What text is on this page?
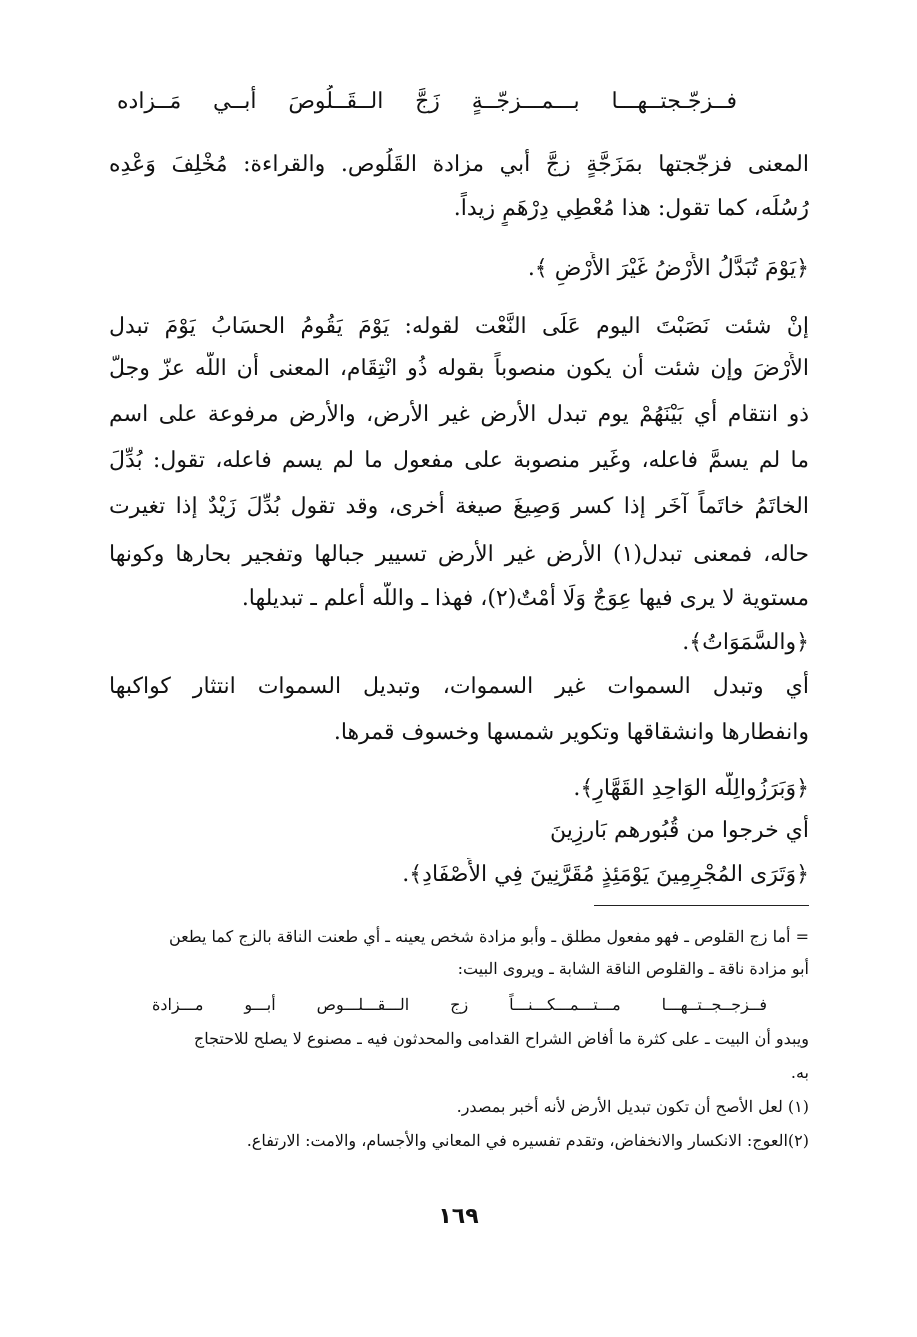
فــزجّـجتــهـــا بـــمـــزجّــةٍ زَجَّ الــقَــلُوصَ أبــي مَــزاده
المعنى فزجّجتها بمَزَجَّةٍ زجَّ أبي مزادة القَلُوص. والقراءة: مُخْلِفَ وَعْدِه
رُسُلَه، كما تقول: هذا مُعْطِي دِرْهَمٍ زيداً.
﴿يَوْمَ تُبَدَّلُ الأَرْضُ غَيْرَ الأَرْضِ ﴾.
إنْ شئت نَصَبْتَ اليوم عَلَى النَّعْت لقوله: يَوْمَ يَقُومُ الحسَابُ يَوْمَ تبدل
الأَرْضَ وإن شئت أن يكون منصوباً بقوله ذُو انْتِقَام، المعنى أن اللَّه عزّ وجلّ
ذو انتقام أي بَيْنَهُمْ يوم تبدل الأرض غير الأرض، والأرض مرفوعة على اسم
ما لم يسمَّ فاعله، وغَير منصوبة على مفعول ما لم يسم فاعله، تقول: بُدِّلَ
الخاتَمُ خاتَماً آخَر إذا كسر وَصِيغَ صيغة أخرى، وقد تقول بُدِّلَ زَيْدٌ إذا تغيرت
حاله، فمعنى تبدل(١) الأرض غير الأرض تسيير جبالها وتفجير بحارها وكونها
مستوية لا يرى فيها عِوَجٌ وَلَا أمْتٌ(٢)، فهذا ـ واللَّه أعلم ـ تبديلها.
﴿والسَّمَوَاتُ﴾.
أي وتبدل السموات غير السموات، وتبديل السموات انتثار كواكبها
وانفطارها وانشقاقها وتكوير شمسها وخسوف قمرها.
﴿وَبَرَزُوالِلَّه الوَاحِدِ القَهَّارِ﴾.
أي خرجوا من قُبُورهم بَارزِينَ
﴿وَتَرَى المُجْرِمِينَ يَوْمَئِذٍ مُقَرَّنِينَ فِي الأَصْفَادِ﴾.
= أما زج القلوص ـ فهو مفعول مطلق ـ وأبو مزادة شخص يعينه ـ أي طعنت الناقة بالزج كما يطعن
أبو مزادة ناقة ـ والقلوص الناقة الشابة ـ ويروى البيت:
فــزجــجــتــهـــا مـــتـــمـــكـــنـــاً زج الـــقـــلـــوص أبـــو مـــزادة
ويبدو أن البيت ـ على كثرة ما أفاض الشراح القدامى والمحدثون فيه ـ مصنوع لا يصلح للاحتجاج
به.
(١) لعل الأصح أن تكون تبديل الأرض لأنه أخبر بمصدر.
(٢)العوج: الانكسار والانخفاض، وتقدم تفسيره في المعاني والأجسام، والامت: الارتفاع.
١٦٩
